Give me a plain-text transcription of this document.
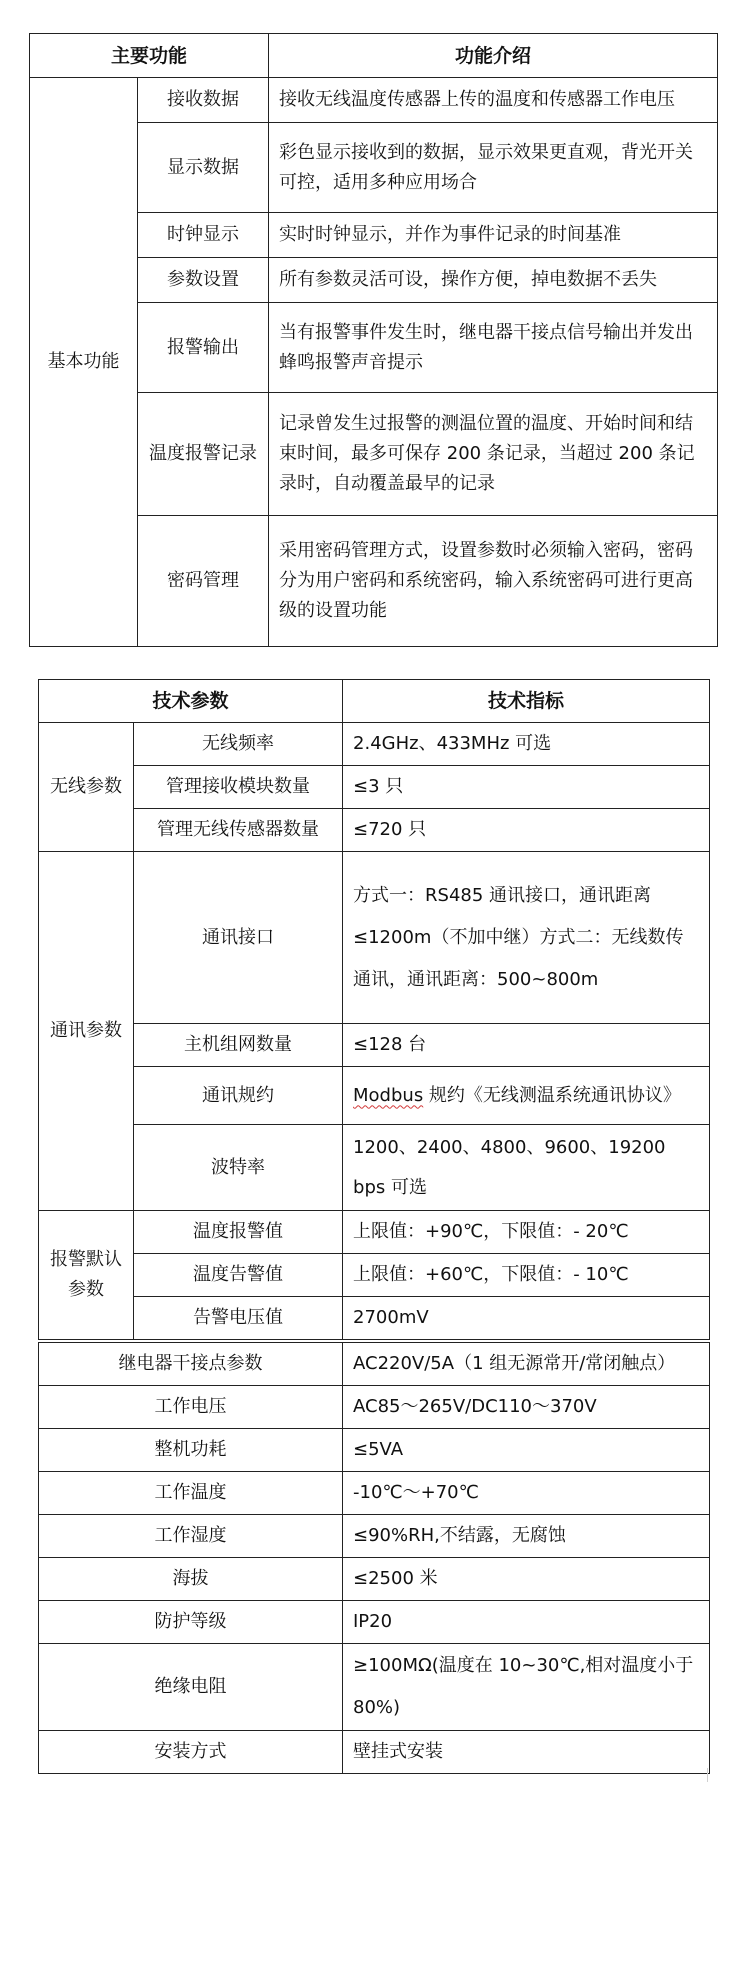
主要功能		功能介绍
基本功能	接收数据	接收无线温度传感器上传的温度和传感器工作电压
	显示数据	彩色显示接收到的数据，显示效果更直观，背光开关可控，适用多种应用场合
	时钟显示	实时时钟显示，并作为事件记录的时间基准
	参数设置	所有参数灵活可设，操作方便，掉电数据不丢失
	报警输出	当有报警事件发生时，继电器干接点信号输出并发出蜂鸣报警声音提示
	温度报警记录	记录曾发生过报警的测温位置的温度、开始时间和结束时间，最多可保存 200 条记录，当超过 200 条记录时，自动覆盖最早的记录
	密码管理	采用密码管理方式，设置参数时必须输入密码，密码分为用户密码和系统密码，输入系统密码可进行更高级的设置功能
技术参数		技术指标
无线参数	无线频率	2.4GHz、433MHz 可选
	管理接收模块数量	≤3 只
	管理无线传感器数量	≤720 只
通讯参数	通讯接口	方式一：RS485 通讯接口，通讯距离≤1200m（不加中继）方式二：无线数传通讯，通讯距离：500~800m
	主机组网数量	≤128 台
	通讯规约	Modbus 规约《无线测温系统通讯协议》
	波特率	1200、2400、4800、9600、19200 bps 可选
报警默认参数	温度报警值	上限值：+90℃，下限值：- 20℃
	温度告警值	上限值：+60℃，下限值：- 10℃
	告警电压值	2700mV
继电器干接点参数	AC220V/5A（1 组无源常开/常闭触点）
工作电压	AC85～265V/DC110～370V
整机功耗	≤5VA
工作温度	-10℃～+70℃
工作湿度	≤90%RH,不结露，无腐蚀
海拔	≤2500 米
防护等级	IP20
绝缘电阻	≥100MΩ(温度在 10~30℃,相对温度小于 80%)
安装方式	壁挂式安装
